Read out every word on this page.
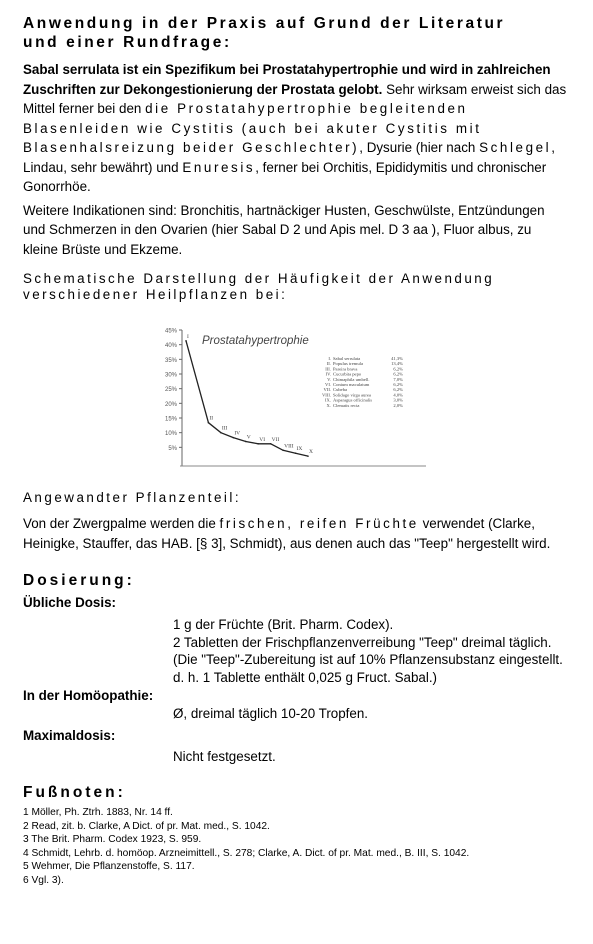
Anwendung in der Praxis auf Grund der Literatur
und einer Rundfrage:

Sabal serrulata ist ein Spezifikum bei Prostatahypertrophie und wird in zahlreichen Zuschriften zur Dekongestionierung der Prostata gelobt. Sehr wirksam erweist sich das Mittel ferner bei den die Prostatahypertrophie begleitenden Blasenleiden wie Cystitis (auch bei akuter Cystitis mit Blasenhalsreizung beider Geschlechter), Dysurie (hier nach Schlegel, Lindau, sehr bewährt) und Enuresis, ferner bei Orchitis, Epididymitis und chronischer Gonorrhöe.

Weitere Indikationen sind: Bronchitis, hartnäckiger Husten, Geschwülste, Entzündungen und Schmerzen in den Ovarien (hier Sabal D 2 und Apis mel. D 3 aa ), Fluor albus, zu kleine Brüste und Ekzeme.

Schematische Darstellung der Häufigkeit der Anwendung
verschiedener Heilpflanzen bei:

45%
40%
35%
30%
25%
20%
15%
10%
5%
Prostatahypertrophie
I
II
III
IV
V VI VII
VIII IX X
I. Sabal serrulata	41,3%
II. Populus tremula	13,4%
III. Pareira brava	6,2%
IV. Cucurbita pepo	6,2%
V. Chimaphila umbell.	7,0%
VI. Conium maculatum	6,2%
VII. Cubeba	6,2%
VIII. Solidago virga aurea	4,0%
IX. Asparagus officinalis	3,0%
X. Clematis recta	2,0%

Angewandter Pflanzenteil:

Von der Zwergpalme werden die frischen, reifen Früchte verwendet (Clarke, Heinigke, Stauffer, das HAB. [§ 3], Schmidt), aus denen auch das "Teep" hergestellt wird.

Dosierung:

Übliche Dosis:

1 g der Früchte (Brit. Pharm. Codex).
2 Tabletten der Frischpflanzenverreibung "Teep" dreimal täglich.
(Die "Teep"-Zubereitung ist auf 10% Pflanzensubstanz eingestellt.
d. h. 1 Tablette enthält 0,025 g Fruct. Sabal.)

In der Homöopathie:

Ø, dreimal täglich 10-20 Tropfen.

Maximaldosis:

Nicht festgesetzt.
Fußnoten:

1 Möller, Ph. Ztrh. 1883, Nr. 14 ff.

2 Read, zit. b. Clarke, A Dict. of pr. Mat. med., S. 1042.

3 The Brit. Pharm. Codex 1923, S. 959.

4 Schmidt, Lehrb. d. homöop. Arzneimittell., S. 278; Clarke, A. Dict. of pr. Mat. med., B. III, S. 1042.

5 Wehmer, Die Pflanzenstoffe, S. 117.

6 Vgl. 3).
